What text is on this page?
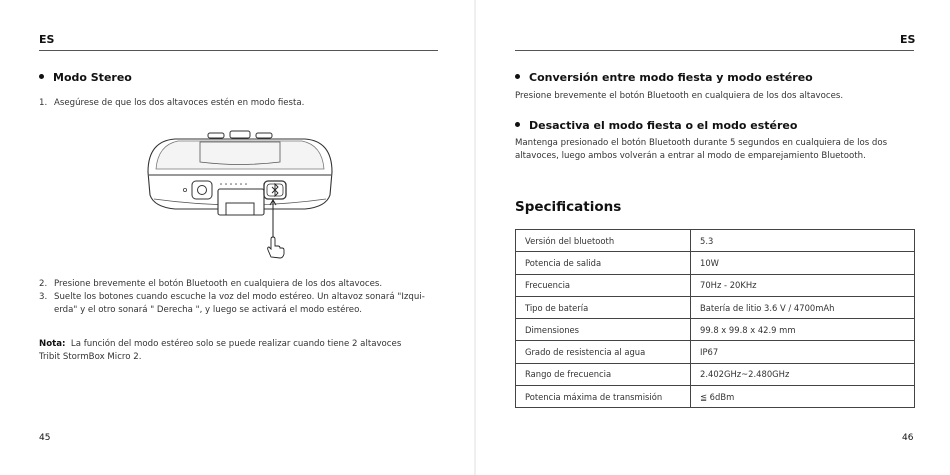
ES
Modo Stereo
1. Asegúrese de que los dos altavoces estén en modo fiesta.
2. Presione brevemente el botón Bluetooth en cualquiera de los dos altavoces.
3. Suelte los botones cuando escuche la voz del modo estéreo. Un altavoz sonará "Izqui-
erda" y el otro sonará " Derecha ", y luego se activará el modo estéreo.
Nota: La función del modo estéreo solo se puede realizar cuando tiene 2 altavoces
Tribit StormBox Micro 2.
45
ES
Conversión entre modo fiesta y modo estéreo
Presione brevemente el botón Bluetooth en cualquiera de los dos altavoces.
Desactiva el modo fiesta o el modo estéreo
Mantenga presionado el botón Bluetooth durante 5 segundos en cualquiera de los dos
altavoces, luego ambos volverán a entrar al modo de emparejamiento Bluetooth.
Specifications
Versión del bluetooth	5.3
Potencia de salida	10W
Frecuencia	70Hz - 20KHz
Tipo de batería	Batería de litio 3.6 V / 4700mAh
Dimensiones	99.8 x 99.8 x 42.9 mm
Grado de resistencia al agua	IP67
Rango de frecuencia	2.402GHz~2.480GHz
Potencia máxima de transmisión	≦ 6dBm
46
